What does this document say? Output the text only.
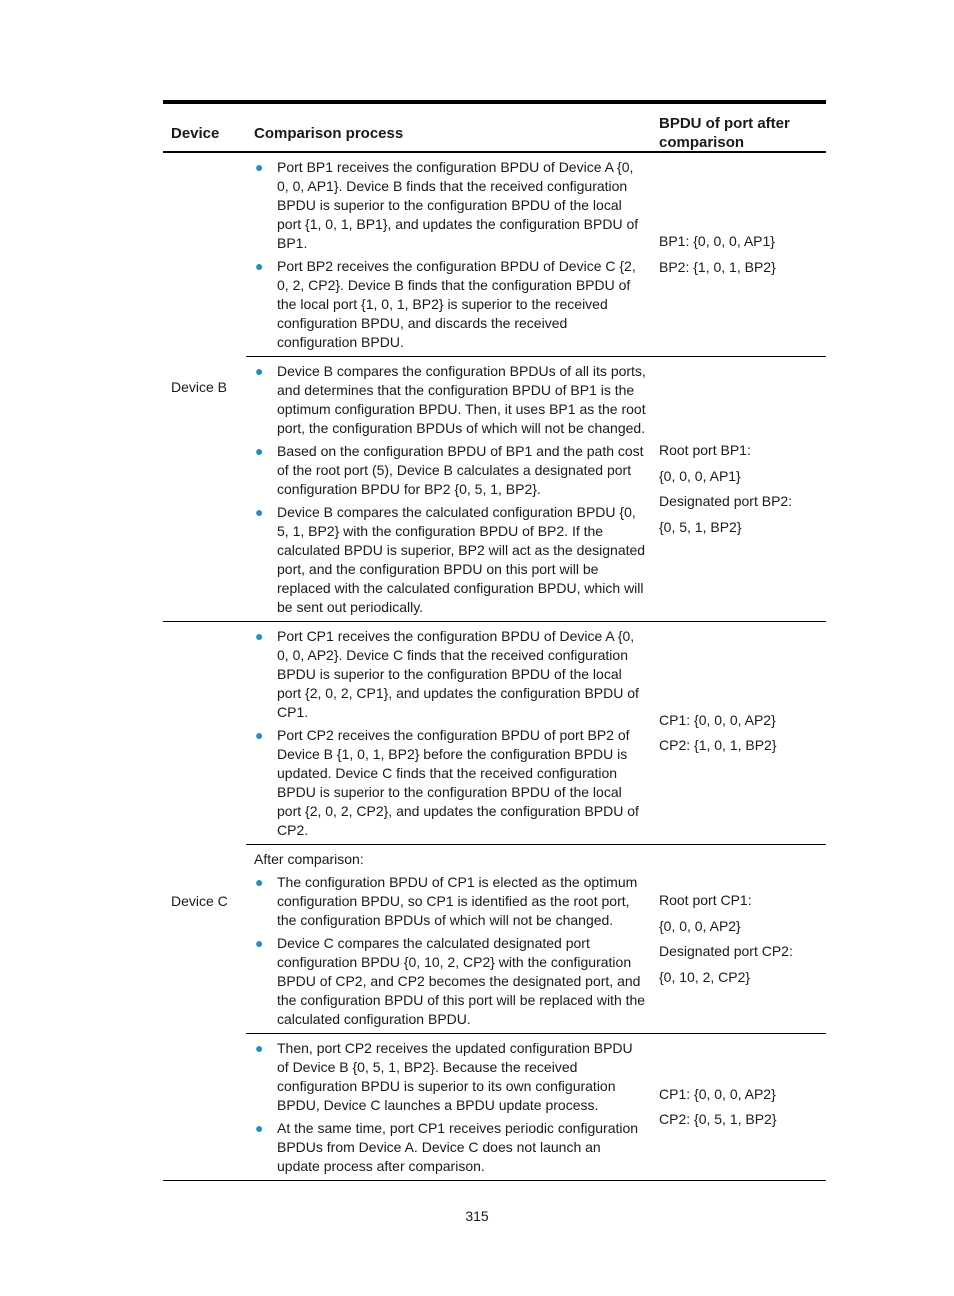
Device	Comparison process
BPDU of port after comparison
Device B
● Port BP1 receives the configuration BPDU of Device A {0, 0, 0, AP1}. Device B finds that the received configuration BPDU is superior to the configuration BPDU of the local port {1, 0, 1, BP1}, and updates the configuration BPDU of BP1.
● Port BP2 receives the configuration BPDU of Device C {2, 0, 2, CP2}. Device B finds that the configuration BPDU of the local port {1, 0, 1, BP2} is superior to the received configuration BPDU, and discards the received configuration BPDU.
BP1: {0, 0, 0, AP1}
BP2: {1, 0, 1, BP2}
● Device B compares the configuration BPDUs of all its ports, and determines that the configuration BPDU of BP1 is the optimum configuration BPDU. Then, it uses BP1 as the root port, the configuration BPDUs of which will not be changed.
● Based on the configuration BPDU of BP1 and the path cost of the root port (5), Device B calculates a designated port configuration BPDU for BP2 {0, 5, 1, BP2}.
● Device B compares the calculated configuration BPDU {0, 5, 1, BP2} with the configuration BPDU of BP2. If the calculated BPDU is superior, BP2 will act as the designated port, and the configuration BPDU on this port will be replaced with the calculated configuration BPDU, which will be sent out periodically.
Root port BP1:
{0, 0, 0, AP1}
Designated port BP2:
{0, 5, 1, BP2}
Device C
● Port CP1 receives the configuration BPDU of Device A {0, 0, 0, AP2}. Device C finds that the received configuration BPDU is superior to the configuration BPDU of the local port {2, 0, 2, CP1}, and updates the configuration BPDU of CP1.
● Port CP2 receives the configuration BPDU of port BP2 of Device B {1, 0, 1, BP2} before the configuration BPDU is updated. Device C finds that the received configuration BPDU is superior to the configuration BPDU of the local port {2, 0, 2, CP2}, and updates the configuration BPDU of CP2.
CP1: {0, 0, 0, AP2}
CP2: {1, 0, 1, BP2}
After comparison:
● The configuration BPDU of CP1 is elected as the optimum configuration BPDU, so CP1 is identified as the root port, the configuration BPDUs of which will not be changed.
● Device C compares the calculated designated port configuration BPDU {0, 10, 2, CP2} with the configuration BPDU of CP2, and CP2 becomes the designated port, and the configuration BPDU of this port will be replaced with the calculated configuration BPDU.
Root port CP1:
{0, 0, 0, AP2}
Designated port CP2:
{0, 10, 2, CP2}
● Then, port CP2 receives the updated configuration BPDU of Device B {0, 5, 1, BP2}. Because the received configuration BPDU is superior to its own configuration BPDU, Device C launches a BPDU update process.
● At the same time, port CP1 receives periodic configuration BPDUs from Device A. Device C does not launch an update process after comparison.
CP1: {0, 0, 0, AP2}
CP2: {0, 5, 1, BP2}
315
